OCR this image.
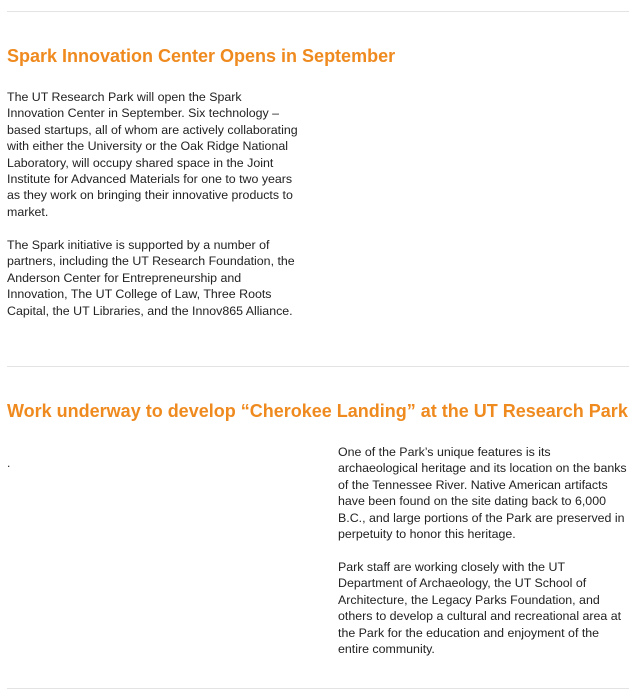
Spark Innovation Center Opens in September

The UT Research Park will open the Spark Innovation Center in September. Six technology – based startups, all of whom are actively collaborating with either the University or the Oak Ridge National Laboratory, will occupy shared space in the Joint Institute for Advanced Materials for one to two years as they work on bringing their innovative products to market.

The Spark initiative is supported by a number of partners, including the UT Research Foundation, the Anderson Center for Entrepreneurship and Innovation, The UT College of Law, Three Roots Capital, the UT Libraries, and the Innov865 Alliance.

Work underway to develop “Cherokee Landing” at the UT Research Park
.

One of the Park’s unique features is its archaeological heritage and its location on the banks of the Tennessee River. Native American artifacts have been found on the site dating back to 6,000 B.C., and large portions of the Park are preserved in perpetuity to honor this heritage.

Park staff are working closely with the UT Department of Archaeology, the UT School of Architecture, the Legacy Parks Foundation, and others to develop a cultural and recreational area at the Park for the education and enjoyment of the entire community.
